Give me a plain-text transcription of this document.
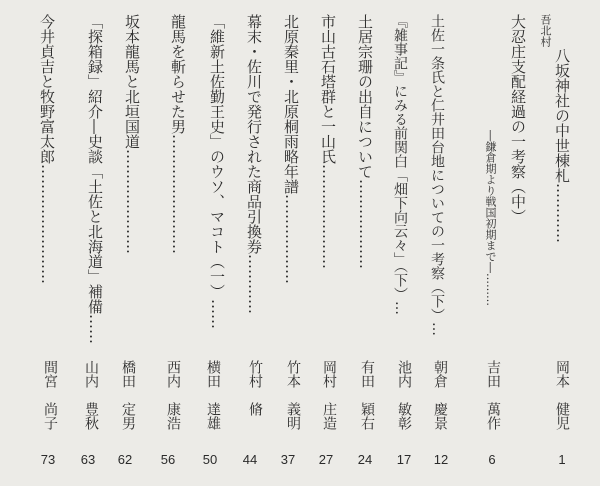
吾北村
八坂神社の中世棟札…………
岡本　健児
1
大忍庄支配経過の一考察（中）
―鎌倉期より戦国初期まで―………
吉田　萬作
6
土佐一条氏と仁井田台地についての一考察（下）…
朝倉　慶景
12
『雑事記』にみる前関白「畑下向云々」（下）…
池内　敏彰
17
土居宗珊の出自について………………
有田　穎右
24
市山古石塔群と一山氏…………………
岡村　庄造
27
北原秦里・北原桐雨略年譜………………
竹本　義明
37
幕末・佐川で発行された商品引換券…………
竹村　脩
44
「維新土佐勤王史」のウソ、マコト（一）……
横田　達雄
50
龍馬を斬らせた男……………………
西内　康浩
56
坂本龍馬と北垣国道…………………
橋田　定男
62
「探箱録」紹介―史談「土佐と北海道」補備……
山内　豊秋
63
今井貞吉と牧野富太郎……………………
間宮　尚子
73
